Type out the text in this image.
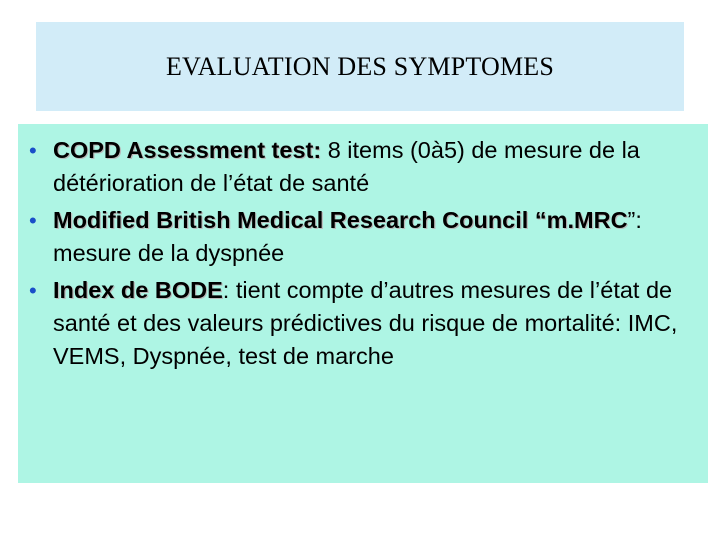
EVALUATION DES SYMPTOMES
• COPD Assessment test: 8 items (0à5) de mesure de la détérioration de l’état de santé
• Modified British Medical Research Council “m.MRC”: mesure de la dyspnée
• Index de BODE: tient compte d’autres mesures de l’état de santé et des valeurs prédictives du risque de mortalité: IMC, VEMS, Dyspnée, test de marche
